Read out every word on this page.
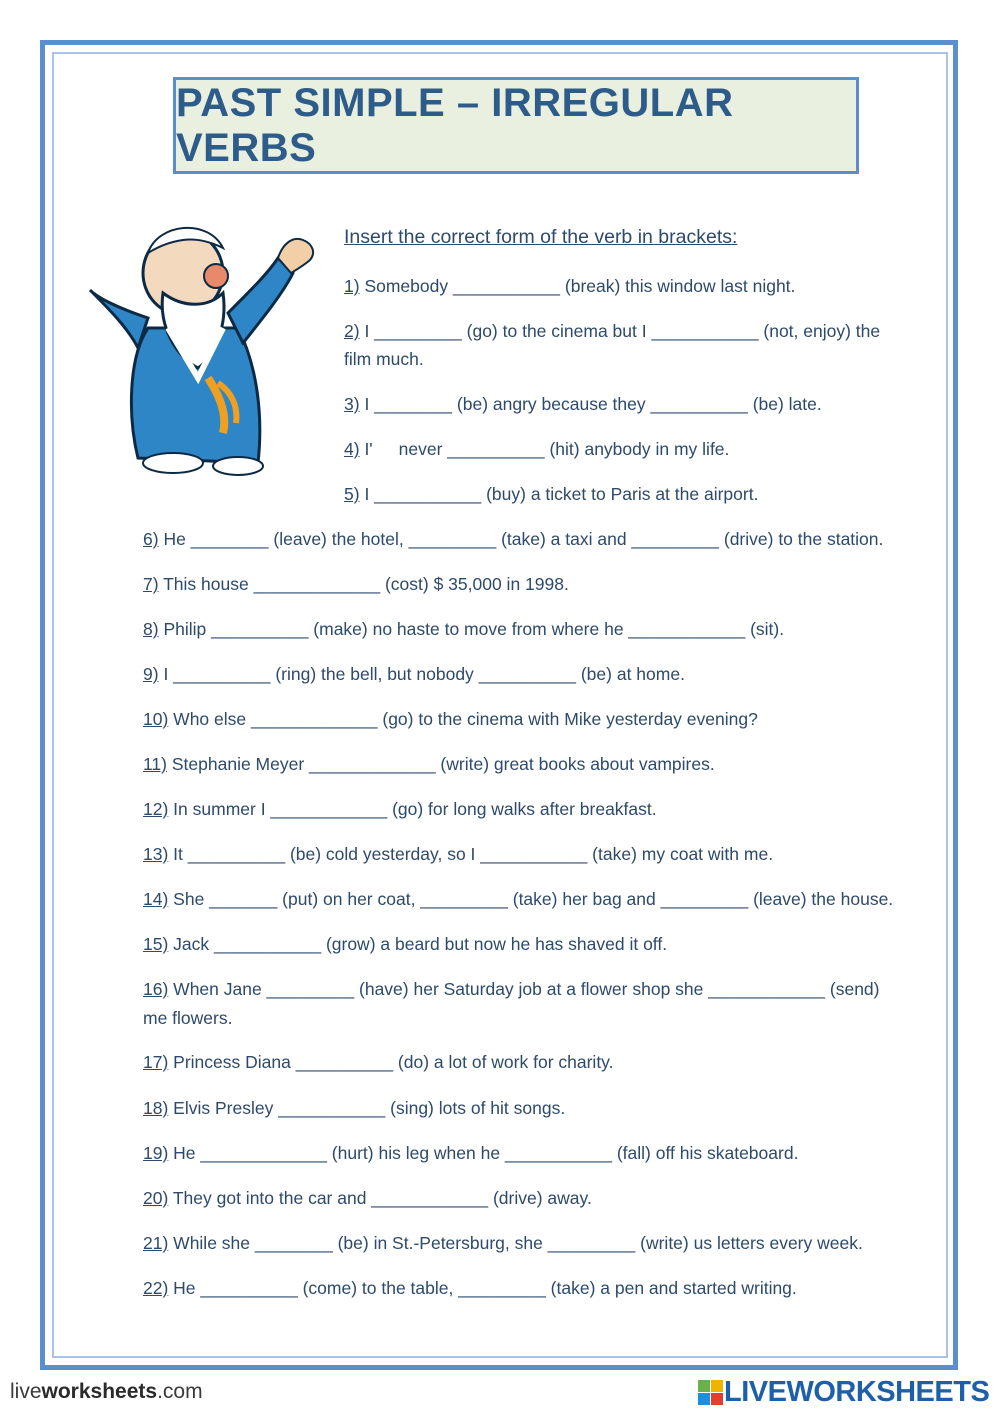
PAST SIMPLE – IRREGULAR VERBS
Insert the correct form of the verb in brackets:
1) Somebody ___________ (break) this window last night.
2) I _________ (go) to the cinema but I ___________ (not, enjoy) the
film much.
3) I ________ (be) angry because they __________ (be) late.
4) I' never __________ (hit) anybody in my life.
5) I ___________ (buy) a ticket to Paris at the airport.
6) He ________ (leave) the hotel, _________ (take) a taxi and _________ (drive) to the station.
7) This house _____________ (cost) $ 35,000 in 1998.
8) Philip __________ (make) no haste to move from where he ____________ (sit).
9) I __________ (ring) the bell, but nobody __________ (be) at home.
10) Who else _____________ (go) to the cinema with Mike yesterday evening?
11) Stephanie Meyer _____________ (write) great books about vampires.
12) In summer I ____________ (go) for long walks after breakfast.
13) It __________ (be) cold yesterday, so I ___________ (take) my coat with me.
14) She _______ (put) on her coat, _________ (take) her bag and _________ (leave) the house.
15) Jack ___________ (grow) a beard but now he has shaved it off.
16) When Jane _________ (have) her Saturday job at a flower shop she ____________ (send)
me flowers.
17) Princess Diana __________ (do) a lot of work for charity.
18) Elvis Presley ___________ (sing) lots of hit songs.
19) He _____________ (hurt) his leg when he ___________ (fall) off his skateboard.
20) They got into the car and ____________ (drive) away.
21) While she ________ (be) in St.-Petersburg, she _________ (write) us letters every week.
22) He __________ (come) to the table, _________ (take) a pen and started writing.
liveworksheets.com	LIVEWORKSHEETS
